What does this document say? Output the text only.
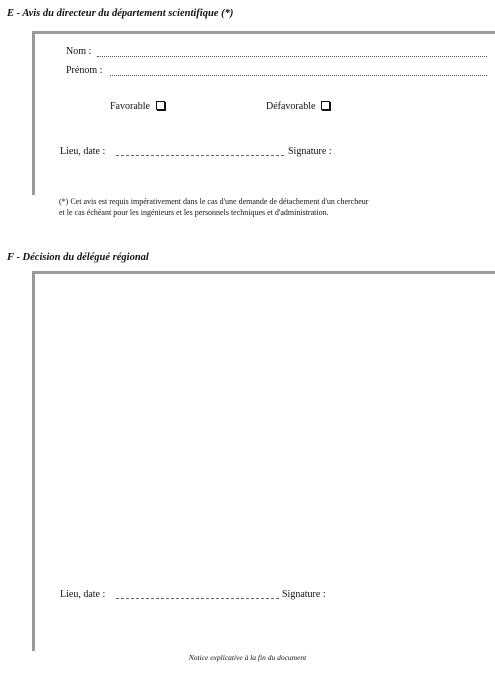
E - Avis du directeur du département scientifique (*)
Nom :
Prénom :
Favorable	Défavorable
Lieu, date :	Signature :
(*) Cet avis est requis impérativement dans le cas d'une demande de détachement d'un chercheur
et le cas échéant pour les ingénieurs et les personnels techniques et d'administration.
F - Décision du délégué régional
Lieu, date :	Signature :
Notice explicative à la fin du document
